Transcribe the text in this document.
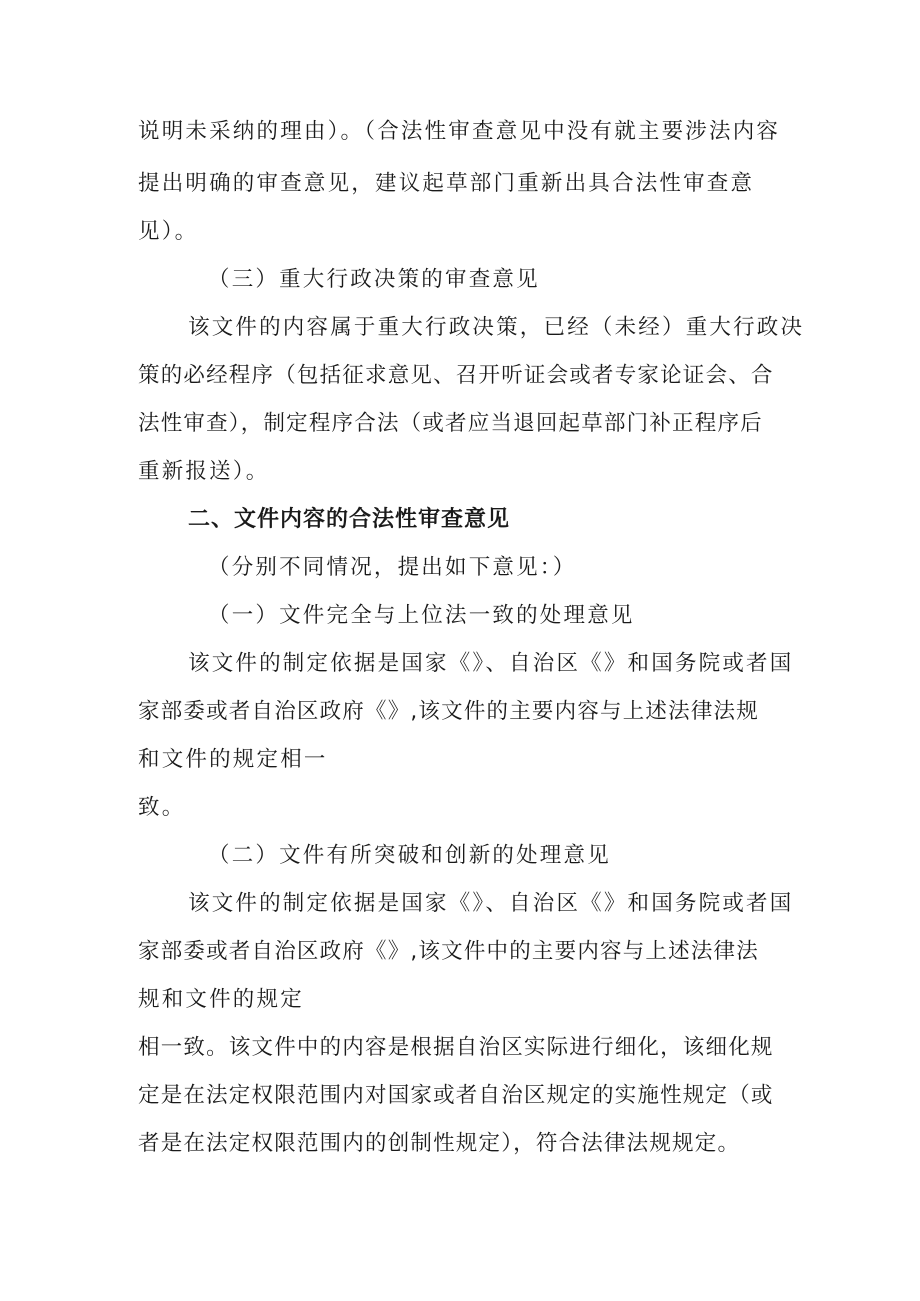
说明未采纳的理由）。（合法性审查意见中没有就主要涉法内容
提出明确的审查意见，建议起草部门重新出具合法性审查意
见）。
（三）重大行政决策的审查意见
该文件的内容属于重大行政决策，已经（未经）重大行政决
策的必经程序（包括征求意见、召开听证会或者专家论证会、合
法性审查），制定程序合法（或者应当退回起草部门补正程序后
重新报送）。
二、文件内容的合法性审查意见
（分别不同情况，提出如下意见：）
（一）文件完全与上位法一致的处理意见
该文件的制定依据是国家《》、自治区《》和国务院或者国
家部委或者自治区政府《》,该文件的主要内容与上述法律法规
和文件的规定相一
致。
（二）文件有所突破和创新的处理意见
该文件的制定依据是国家《》、自治区《》和国务院或者国
家部委或者自治区政府《》,该文件中的主要内容与上述法律法
规和文件的规定
相一致。该文件中的内容是根据自治区实际进行细化，该细化规
定是在法定权限范围内对国家或者自治区规定的实施性规定（或
者是在法定权限范围内的创制性规定），符合法律法规规定。
